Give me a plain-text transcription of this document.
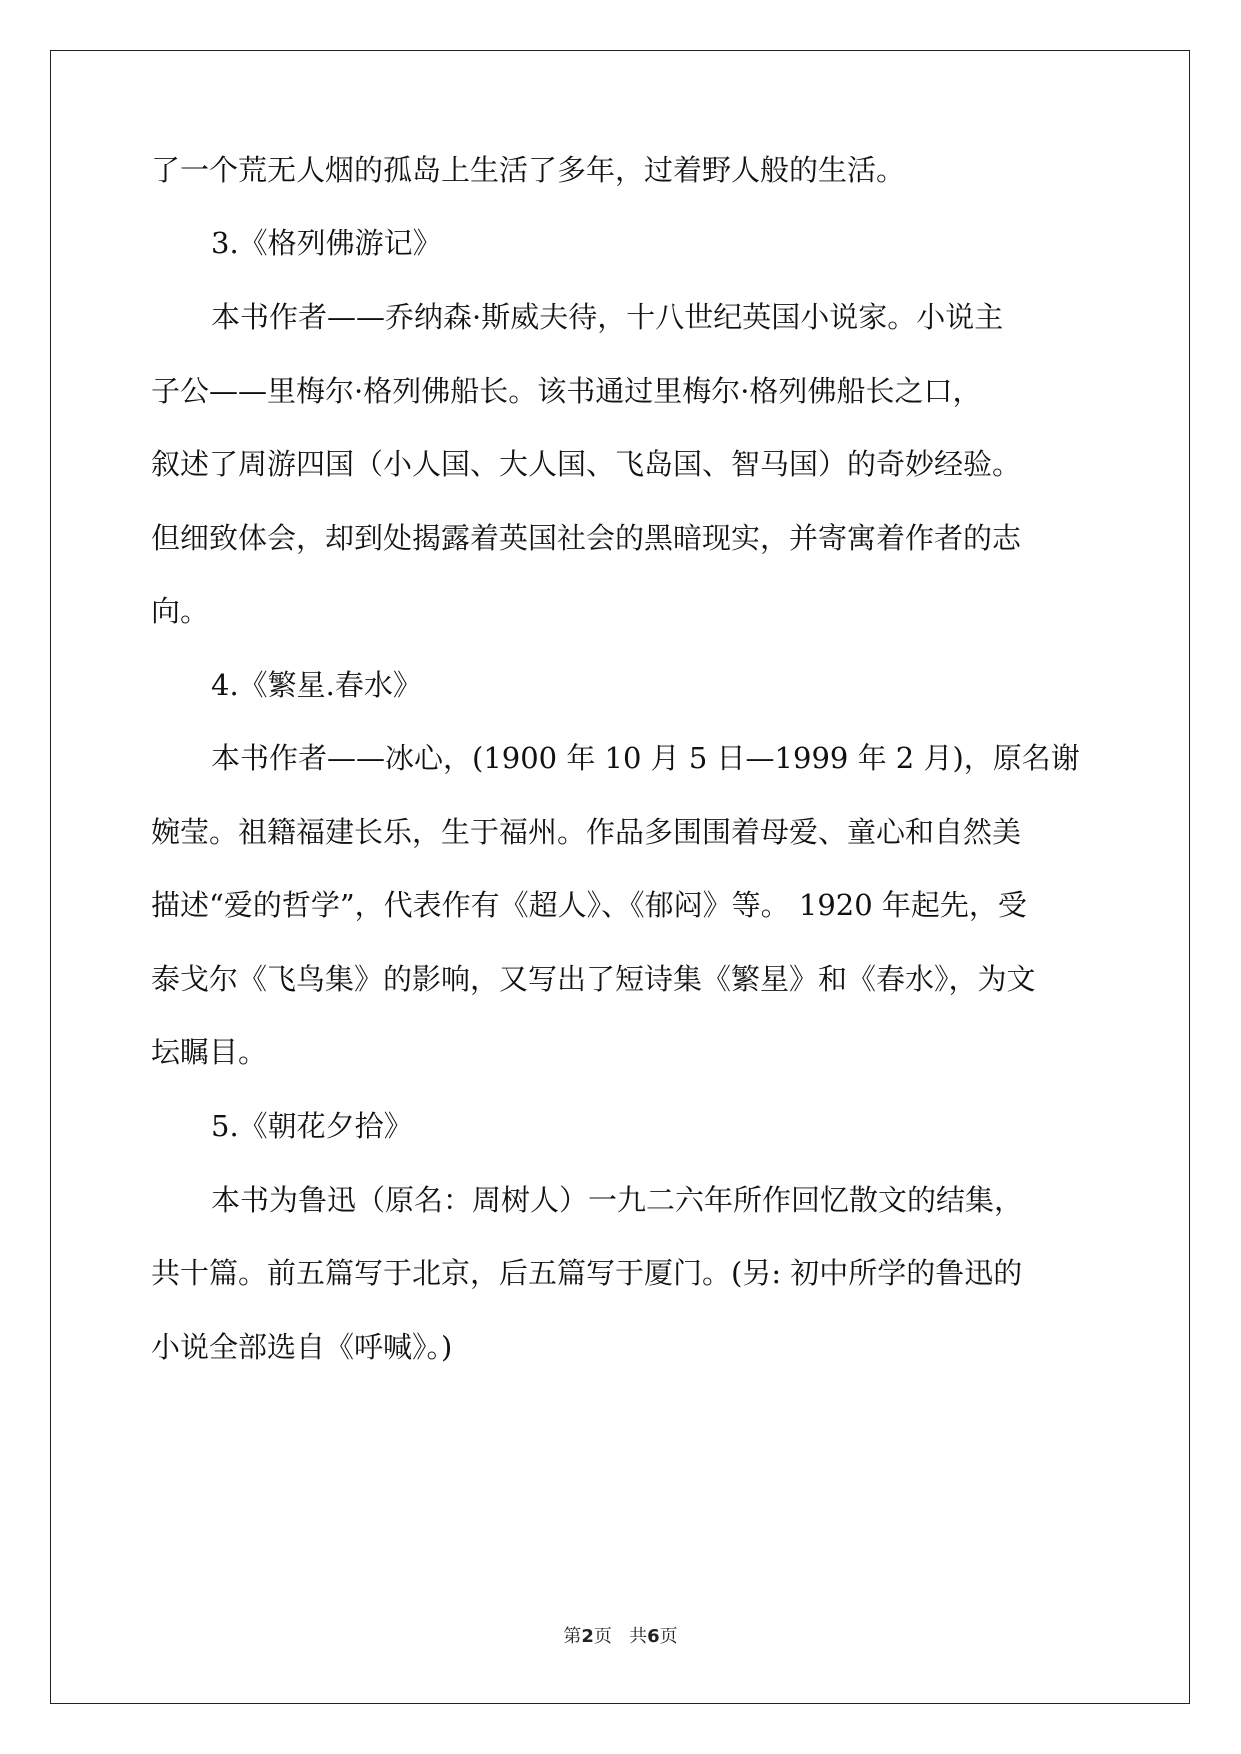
了一个荒无人烟的孤岛上生活了多年，过着野人般的生活。
3.《格列佛游记》
本书作者——乔纳森·斯威夫待，十八世纪英国小说家。小说主
子公——里梅尔·格列佛船长。该书通过里梅尔·格列佛船长之口，
叙述了周游四国（小人国、大人国、飞岛国、智马国）的奇妙经验。
但细致体会，却到处揭露着英国社会的黑暗现实，并寄寓着作者的志
向。
4.《繁星.春水》
本书作者——冰心，(1900 年 10 月 5 日—1999 年 2 月)，原名谢
婉莹。祖籍福建长乐，生于福州。作品多围围着母爱、童心和自然美
描述“爱的哲学”，代表作有《超人》、《郁闷》等。 1920 年起先，受
泰戈尔《飞鸟集》的影响，又写出了短诗集《繁星》和《春水》，为文
坛瞩目。
5.《朝花夕拾》
本书为鲁迅（原名：周树人）一九二六年所作回忆散文的结集，
共十篇。前五篇写于北京，后五篇写于厦门。(另: 初中所学的鲁迅的
小说全部选自《呼喊》。)
第2页   共6页
